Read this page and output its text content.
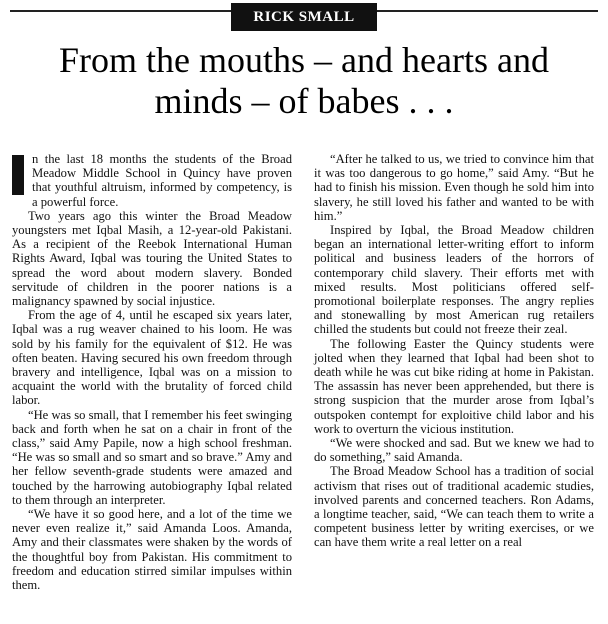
RICK SMALL
From the mouths – and hearts and minds – of babes . . .

n the last 18 months the students of the Broad Meadow Middle School in Quincy have proven that youthful altruism, informed by competency, is a powerful force.

Two years ago this winter the Broad Meadow youngsters met Iqbal Masih, a 12-year-old Pakistani. As a recipient of the Reebok International Human Rights Award, Iqbal was touring the United States to spread the word about modern slavery. Bonded servitude of children in the poorer nations is a malignancy spawned by social injustice.

From the age of 4, until he escaped six years later, Iqbal was a rug weaver chained to his loom. He was sold by his family for the equivalent of $12. He was often beaten. Having secured his own freedom through bravery and intelligence, Iqbal was on a mission to acquaint the world with the brutality of forced child labor.

“He was so small, that I remember his feet swinging back and forth when he sat on a chair in front of the class,” said Amy Papile, now a high school freshman. “He was so small and so smart and so brave.” Amy and her fellow seventh-grade students were amazed and touched by the harrowing autobiography Iqbal related to them through an interpreter.

“We have it so good here, and a lot of the time we never even realize it,” said Amanda Loos. Amanda, Amy and their classmates were shaken by the words of the thoughtful boy from Pakistan. His commitment to freedom and education stirred similar impulses within them.

“After he talked to us, we tried to convince him that it was too dangerous to go home,” said Amy. “But he had to finish his mission. Even though he sold him into slavery, he still loved his father and wanted to be with him.”

Inspired by Iqbal, the Broad Meadow children began an international letter-writing effort to inform political and business leaders of the horrors of contemporary child slavery. Their efforts met with mixed results. Most politicians offered self-promotional boilerplate responses. The angry replies and stonewalling by most American rug retailers chilled the students but could not freeze their zeal.

The following Easter the Quincy students were jolted when they learned that Iqbal had been shot to death while he was cut bike riding at home in Pakistan. The assassin has never been apprehended, but there is strong suspicion that the murder arose from Iqbal’s outspoken contempt for exploitive child labor and his work to overturn the vicious institution.

“We were shocked and sad. But we knew we had to do something,” said Amanda.

The Broad Meadow School has a tradition of social activism that rises out of traditional academic studies, involved parents and concerned teachers. Ron Adams, a longtime teacher, said, “We can teach them to write a competent business letter by writing exercises, or we can have them write a real letter on a real
